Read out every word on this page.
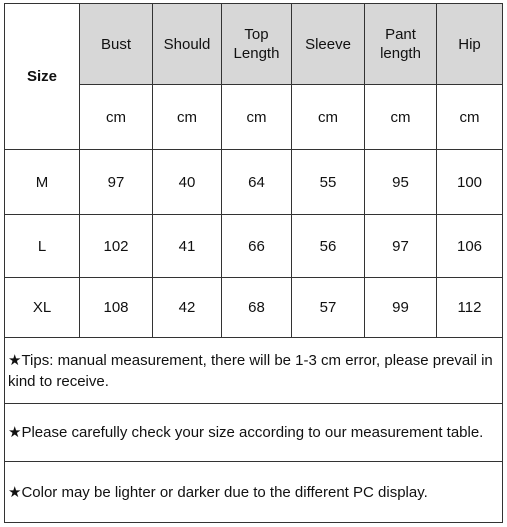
Size	Bust	Should	Top Length	Sleeve	Pant length	Hip
	cm	cm	cm	cm	cm	cm
M	97	40	64	55	95	100
L	102	41	66	56	97	106
XL	108	42	68	57	99	112
★Tips: manual measurement, there will be 1-3 cm error, please prevail in kind to receive.						
★Please carefully check your size according to our measurement table.						
★Color may be lighter or darker due to the different PC display.						
